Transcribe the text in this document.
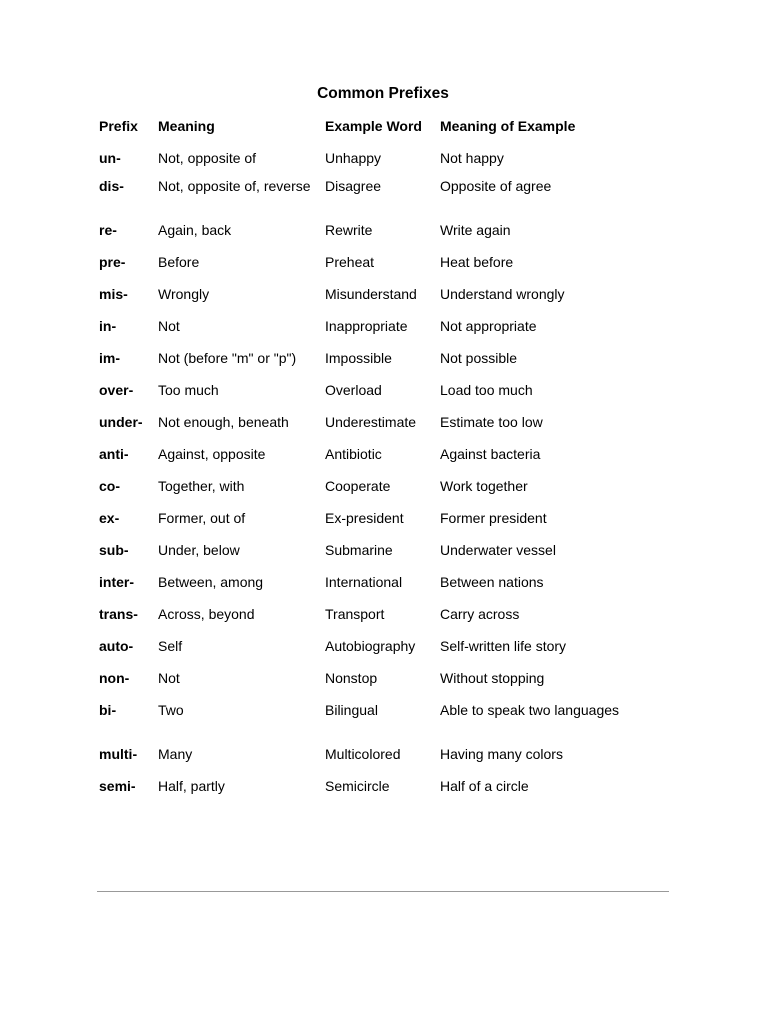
Common Prefixes
Prefix	Meaning	Example Word	Meaning of Example
un-	Not, opposite of	Unhappy	Not happy
dis-	Not, opposite of, reverse	Disagree	Opposite of agree
re-	Again, back	Rewrite	Write again
pre-	Before	Preheat	Heat before
mis-	Wrongly	Misunderstand	Understand wrongly
in-	Not	Inappropriate	Not appropriate
im-	Not (before "m" or "p")	Impossible	Not possible
over-	Too much	Overload	Load too much
under-	Not enough, beneath	Underestimate	Estimate too low
anti-	Against, opposite	Antibiotic	Against bacteria
co-	Together, with	Cooperate	Work together
ex-	Former, out of	Ex-president	Former president
sub-	Under, below	Submarine	Underwater vessel
inter-	Between, among	International	Between nations
trans-	Across, beyond	Transport	Carry across
auto-	Self	Autobiography	Self-written life story
non-	Not	Nonstop	Without stopping
bi-	Two	Bilingual	Able to speak two languages
multi-	Many	Multicolored	Having many colors
semi-	Half, partly	Semicircle	Half of a circle
